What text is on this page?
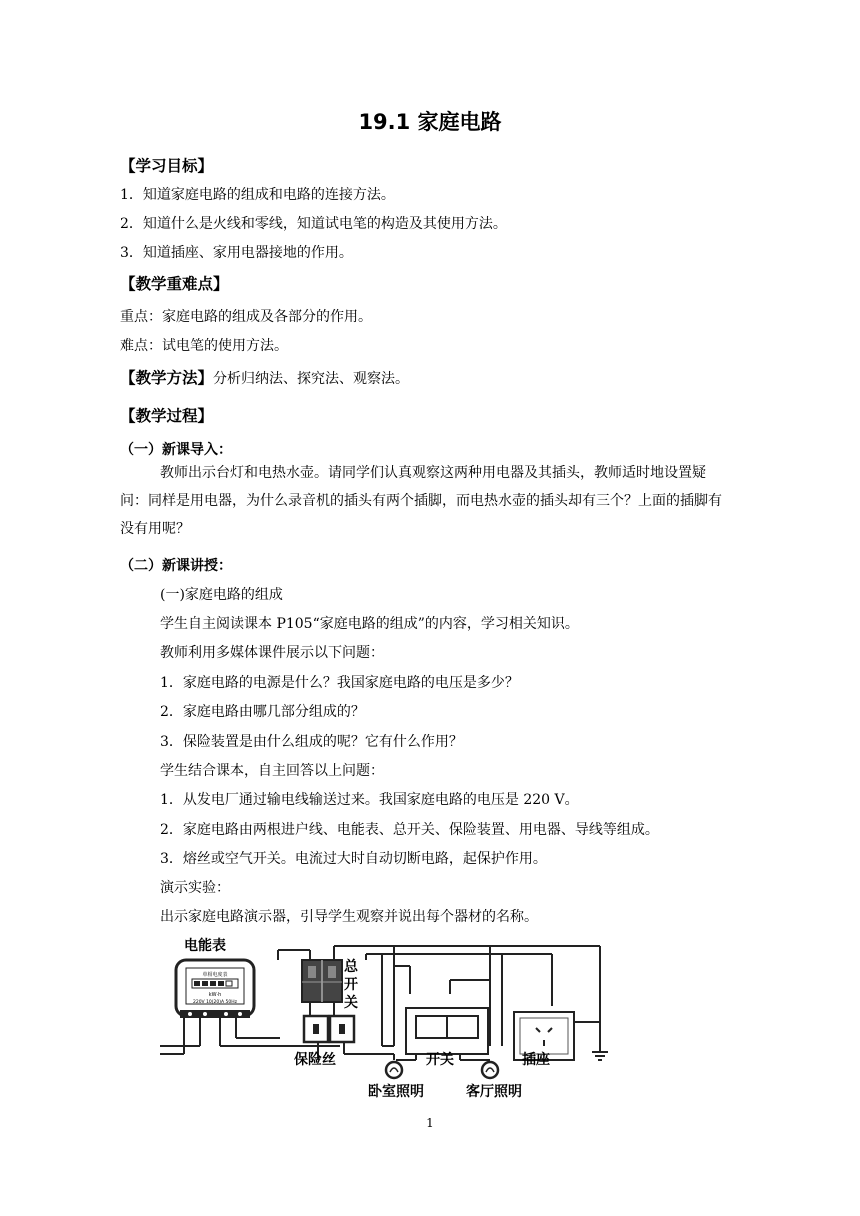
19.1 家庭电路
【学习目标】
1．知道家庭电路的组成和电路的连接方法。
2．知道什么是火线和零线，知道试电笔的构造及其使用方法。
3．知道插座、家用电器接地的作用。
【教学重难点】
重点：家庭电路的组成及各部分的作用。
难点：试电笔的使用方法。
【教学方法】分析归纳法、探究法、观察法。
【教学过程】
（一）新课导入：
教师出示台灯和电热水壶。请同学们认真观察这两种用电器及其插头，教师适时地设置疑问：同样是用电器，为什么录音机的插头有两个插脚，而电热水壶的插头却有三个？上面的插脚有没有用呢？
（二）新课讲授：
(一)家庭电路的组成
学生自主阅读课本 P105“家庭电路的组成”的内容，学习相关知识。
教师利用多媒体课件展示以下问题：
1．家庭电路的电源是什么？我国家庭电路的电压是多少？
2．家庭电路由哪几部分组成的？
3．保险装置是由什么组成的呢？它有什么作用？
学生结合课本，自主回答以上问题：
1．从发电厂通过输电线输送过来。我国家庭电路的电压是 220 V。
2．家庭电路由两根进户线、电能表、总开关、保险装置、用电器、导线等组成。
3．熔丝或空气开关。电流过大时自动切断电路，起保护作用。
演示实验：
出示家庭电路演示器，引导学生观察并说出每个器材的名称。
电能表
单相电度表
kW·h
220V 10(20)A 50Hz
保险丝	开关	插座
卧室照明	客厅照明
总开关
1
